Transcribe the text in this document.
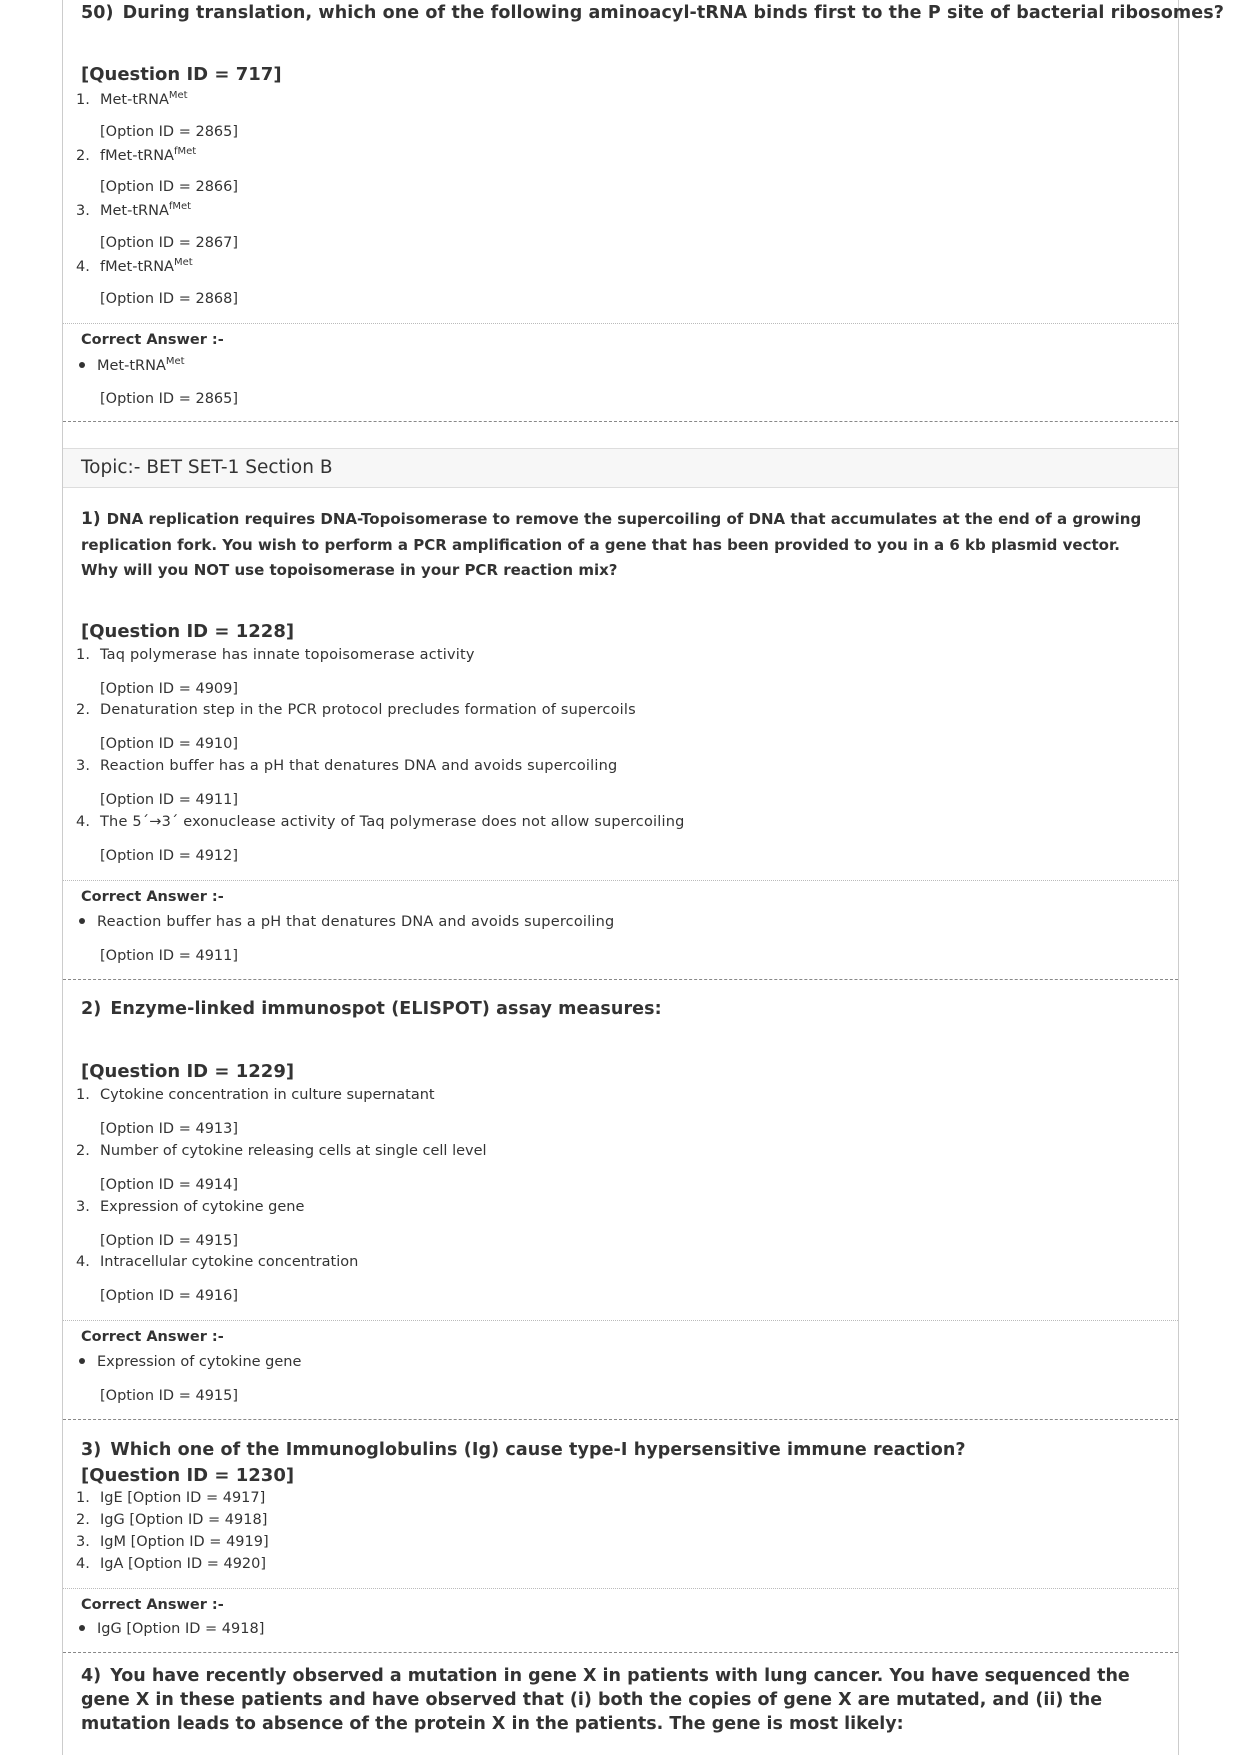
50) During translation, which one of the following aminoacyl-tRNA binds first to the P site of bacterial ribosomes?
[Question ID = 717]
1. Met-tRNA$^{Met}$
[Option ID = 2865]
2. fMet-tRNA$^{fMet}$
[Option ID = 2866]
3. Met-tRNA$^{fMet}$
[Option ID = 2867]
4. fMet-tRNA$^{Met}$
[Option ID = 2868]
Correct Answer :-
Met-tRNA$^{Met}$
[Option ID = 2865]
Topic:- BET SET-1 Section B
1) DNA replication requires DNA-Topoisomerase to remove the supercoiling of DNA that accumulates at the end of a growing replication fork. You wish to perform a PCR amplification of a gene that has been provided to you in a 6 kb plasmid vector. Why will you NOT use topoisomerase in your PCR reaction mix?
[Question ID = 1228]
1. Taq polymerase has innate topoisomerase activity
[Option ID = 4909]
2. Denaturation step in the PCR protocol precludes formation of supercoils
[Option ID = 4910]
3. Reaction buffer has a pH that denatures DNA and avoids supercoiling
[Option ID = 4911]
4. The 5´→3´ exonuclease activity of Taq polymerase does not allow supercoiling
[Option ID = 4912]
Correct Answer :-
Reaction buffer has a pH that denatures DNA and avoids supercoiling
[Option ID = 4911]
2) Enzyme-linked immunospot (ELISPOT) assay measures:
[Question ID = 1229]
1. Cytokine concentration in culture supernatant
[Option ID = 4913]
2. Number of cytokine releasing cells at single cell level
[Option ID = 4914]
3. Expression of cytokine gene
[Option ID = 4915]
4. Intracellular cytokine concentration
[Option ID = 4916]
Correct Answer :-
Expression of cytokine gene
[Option ID = 4915]
3) Which one of the Immunoglobulins (Ig) cause type-I hypersensitive immune reaction?
[Question ID = 1230]
1. IgE [Option ID = 4917]
2. IgG [Option ID = 4918]
3. IgM [Option ID = 4919]
4. IgA [Option ID = 4920]
Correct Answer :-
IgG [Option ID = 4918]
4) You have recently observed a mutation in gene X in patients with lung cancer. You have sequenced the gene X in these patients and have observed that (i) both the copies of gene X are mutated, and (ii) the mutation leads to absence of the protein X in the patients. The gene is most likely:
